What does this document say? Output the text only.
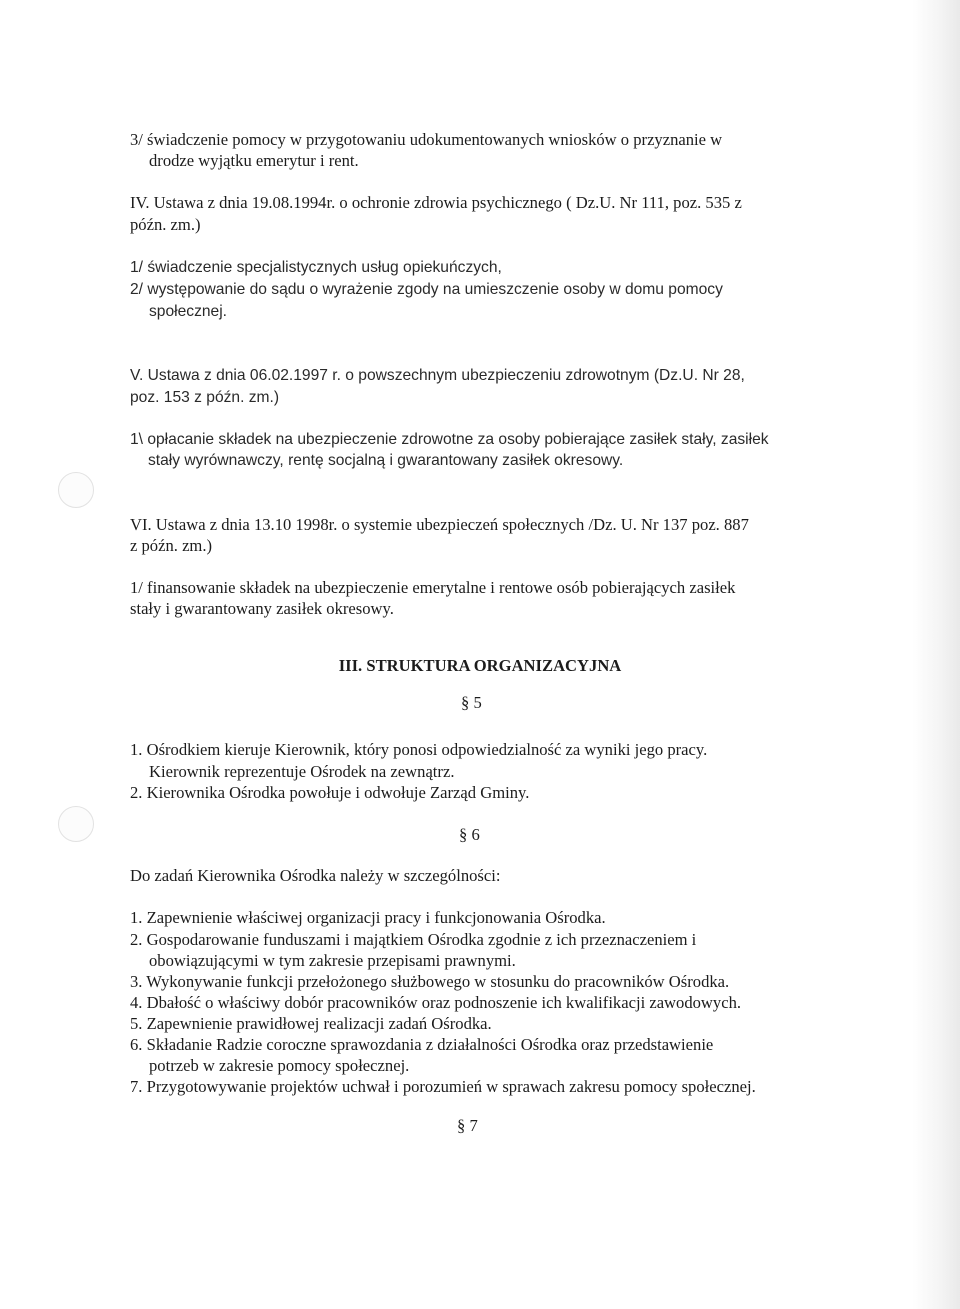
3/ świadczenie pomocy w przygotowaniu udokumentowanych wniosków o przyznanie w
drodze wyjątku emerytur i rent.
IV. Ustawa z dnia 19.08.1994r. o ochronie zdrowia psychicznego ( Dz.U. Nr 111, poz. 535 z
późn. zm.)
1/ świadczenie specjalistycznych usług opiekuńczych,
2/ występowanie do sądu o wyrażenie zgody na umieszczenie osoby w domu pomocy
społecznej.
V. Ustawa z dnia 06.02.1997 r. o powszechnym ubezpieczeniu zdrowotnym (Dz.U. Nr 28,
poz. 153 z późn. zm.)
1\ opłacanie składek na ubezpieczenie zdrowotne za osoby pobierające zasiłek stały, zasiłek
stały wyrównawczy, rentę socjalną i gwarantowany zasiłek okresowy.
VI. Ustawa z dnia 13.10 1998r. o systemie ubezpieczeń społecznych /Dz. U. Nr 137 poz. 887
z późn. zm.)
1/ finansowanie składek na ubezpieczenie emerytalne i rentowe osób pobierających zasiłek
stały i gwarantowany zasiłek okresowy.
III. STRUKTURA ORGANIZACYJNA
§ 5
1. Ośrodkiem kieruje Kierownik, który ponosi odpowiedzialność za wyniki jego pracy.
Kierownik reprezentuje Ośrodek na zewnątrz.
2. Kierownika Ośrodka powołuje i odwołuje Zarząd Gminy.
§ 6
Do zadań Kierownika Ośrodka należy w szczególności:
1. Zapewnienie właściwej organizacji pracy i funkcjonowania Ośrodka.
2. Gospodarowanie funduszami i majątkiem Ośrodka zgodnie z ich przeznaczeniem i
obowiązującymi w tym zakresie przepisami prawnymi.
3. Wykonywanie funkcji przełożonego służbowego w stosunku do pracowników Ośrodka.
4. Dbałość o właściwy dobór pracowników oraz podnoszenie ich kwalifikacji zawodowych.
5. Zapewnienie prawidłowej realizacji zadań Ośrodka.
6. Składanie Radzie coroczne sprawozdania z działalności Ośrodka oraz przedstawienie
potrzeb w zakresie pomocy społecznej.
7. Przygotowywanie projektów uchwał i porozumień w sprawach zakresu pomocy społecznej.
§ 7
